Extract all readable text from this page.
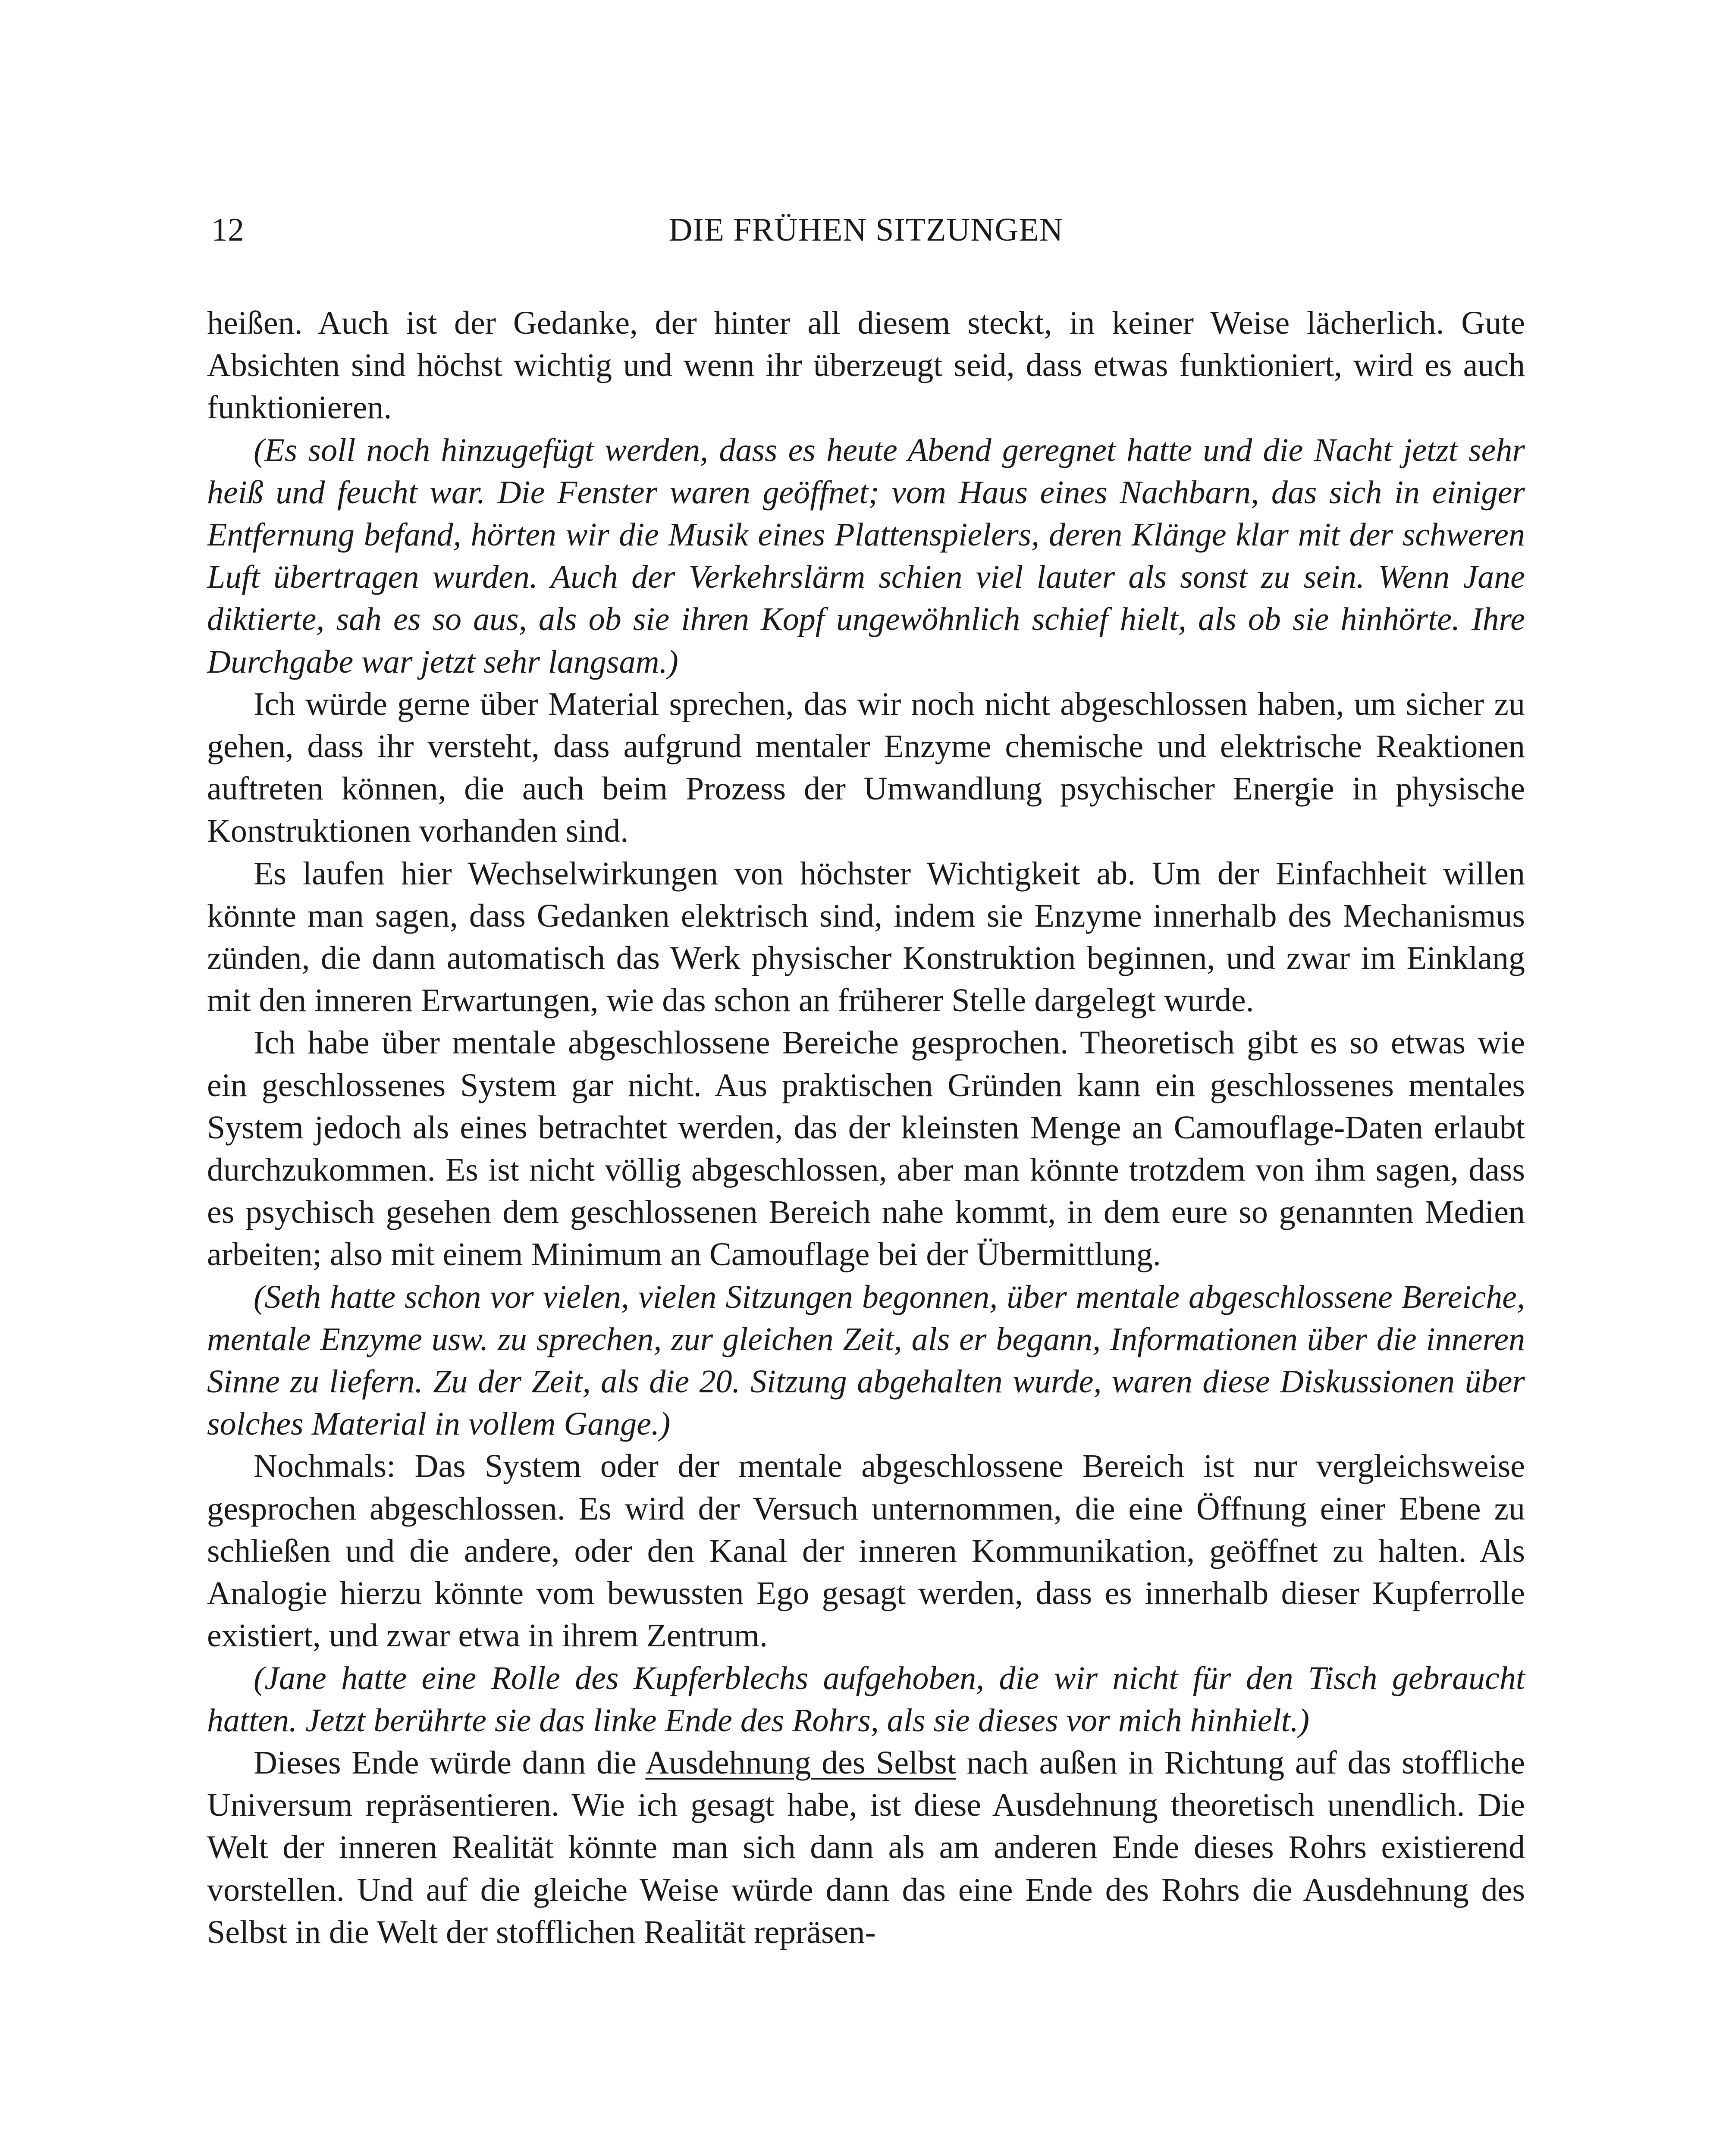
12	DIE FRÜHEN SITZUNGEN

heißen. Auch ist der Gedanke, der hinter all diesem steckt, in keiner Weise lächerlich. Gute Absichten sind höchst wichtig und wenn ihr überzeugt seid, dass etwas funktioniert, wird es auch funktionieren.

(Es soll noch hinzugefügt werden, dass es heute Abend geregnet hatte und die Nacht jetzt sehr heiß und feucht war. Die Fenster waren geöffnet; vom Haus eines Nachbarn, das sich in einiger Entfernung befand, hörten wir die Musik eines Plattenspielers, deren Klänge klar mit der schweren Luft übertragen wurden. Auch der Verkehrslärm schien viel lauter als sonst zu sein. Wenn Jane diktierte, sah es so aus, als ob sie ihren Kopf ungewöhnlich schief hielt, als ob sie hinhörte. Ihre Durchgabe war jetzt sehr langsam.)

Ich würde gerne über Material sprechen, das wir noch nicht abgeschlossen haben, um sicher zu gehen, dass ihr versteht, dass aufgrund mentaler Enzyme chemische und elektrische Reaktionen auftreten können, die auch beim Prozess der Umwandlung psychischer Energie in physische Konstruktionen vorhanden sind.

Es laufen hier Wechselwirkungen von höchster Wichtigkeit ab. Um der Einfachheit willen könnte man sagen, dass Gedanken elektrisch sind, indem sie Enzyme innerhalb des Mechanismus zünden, die dann automatisch das Werk physischer Konstruktion beginnen, und zwar im Einklang mit den inneren Erwartungen, wie das schon an früherer Stelle dargelegt wurde.

Ich habe über mentale abgeschlossene Bereiche gesprochen. Theoretisch gibt es so etwas wie ein geschlossenes System gar nicht. Aus praktischen Gründen kann ein geschlossenes mentales System jedoch als eines betrachtet werden, das der kleinsten Menge an Camouflage-Daten erlaubt durchzukommen. Es ist nicht völlig abgeschlossen, aber man könnte trotzdem von ihm sagen, dass es psychisch gesehen dem geschlossenen Bereich nahe kommt, in dem eure so genannten Medien arbeiten; also mit einem Minimum an Camouflage bei der Übermittlung.

(Seth hatte schon vor vielen, vielen Sitzungen begonnen, über mentale abgeschlossene Bereiche, mentale Enzyme usw. zu sprechen, zur gleichen Zeit, als er begann, Informationen über die inneren Sinne zu liefern. Zu der Zeit, als die 20. Sitzung abgehalten wurde, waren diese Diskussionen über solches Material in vollem Gange.)

Nochmals: Das System oder der mentale abgeschlossene Bereich ist nur vergleichsweise gesprochen abgeschlossen. Es wird der Versuch unternommen, die eine Öffnung einer Ebene zu schließen und die andere, oder den Kanal der inneren Kommunikation, geöffnet zu halten. Als Analogie hierzu könnte vom bewussten Ego gesagt werden, dass es innerhalb dieser Kupferrolle existiert, und zwar etwa in ihrem Zentrum.

(Jane hatte eine Rolle des Kupferblechs aufgehoben, die wir nicht für den Tisch gebraucht hatten. Jetzt berührte sie das linke Ende des Rohrs, als sie dieses vor mich hinhielt.)

Dieses Ende würde dann die Ausdehnung des Selbst nach außen in Richtung auf das stoffliche Universum repräsentieren. Wie ich gesagt habe, ist diese Ausdehnung theoretisch unendlich. Die Welt der inneren Realität könnte man sich dann als am anderen Ende dieses Rohrs existierend vorstellen. Und auf die gleiche Weise würde dann das eine Ende des Rohrs die Ausdehnung des Selbst in die Welt der stofflichen Realität repräsen-
